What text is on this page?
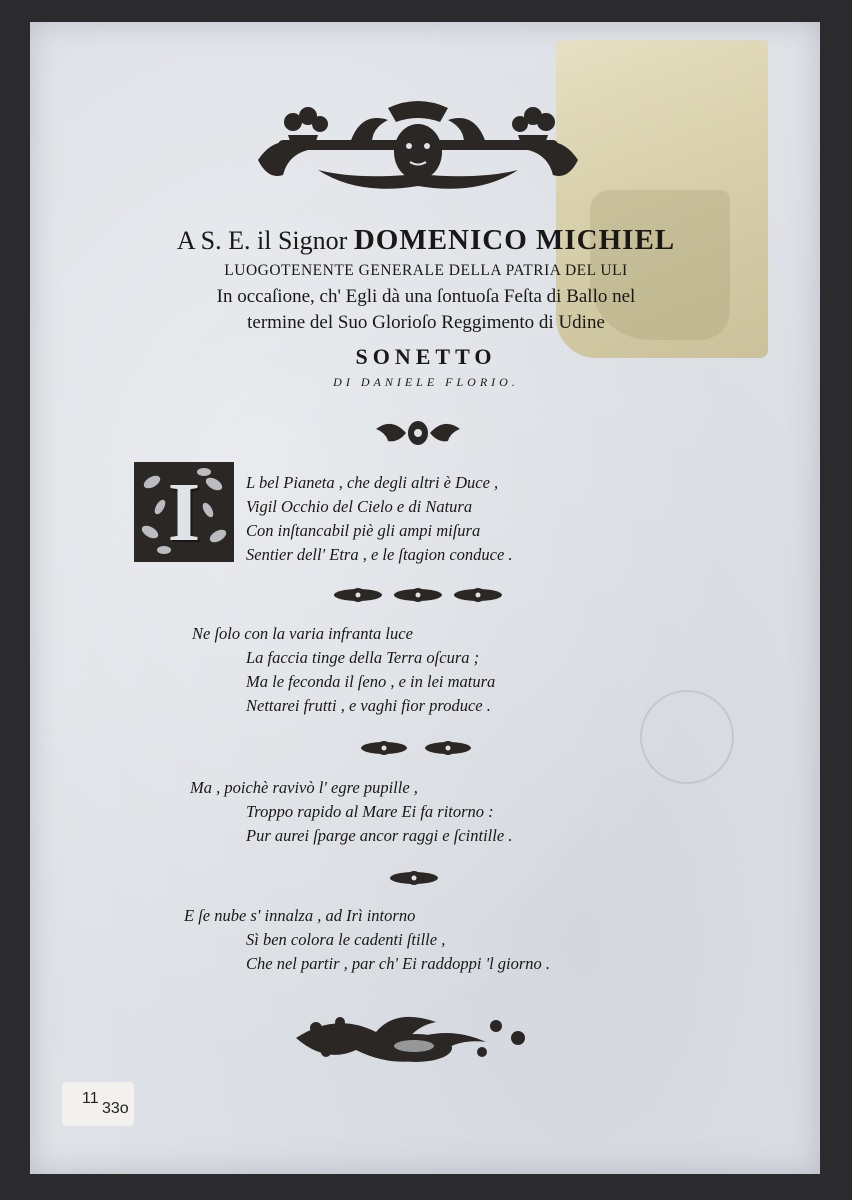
A S. E. il Signor DOMENICO MICHIEL
LUOGOTENENTE GENERALE DELLA PATRIA DEL ULI
In occaſione, ch' Egli dà una ſontuoſa Feſta di Ballo nel
termine del Suo Glorioſo Reggimento di Udine
SONETTO
DI DANIELE FLORIO.
I	L bel Pianeta , che degli altri è Duce ,
Vigil Occhio del Cielo e di Natura
Con inſtancabil piè gli ampi miſura
Sentier dell' Etra , e le ſtagion conduce .
Ne ſolo con la varia infranta luce
La faccia tinge della Terra oſcura ;
Ma le feconda il ſeno , e in lei matura
Nettarei frutti , e vaghi fior produce .
Ma , poichè ravivò l' egre pupille ,
Troppo rapido al Mare Ei fa ritorno :
Pur aurei ſparge ancor raggi e ſcintille .
E ſe nube s' innalza , ad Irì intorno
Sì ben colora le cadenti ſtille ,
Che nel partir , par ch' Ei raddoppi 'l giorno .
11
33o
